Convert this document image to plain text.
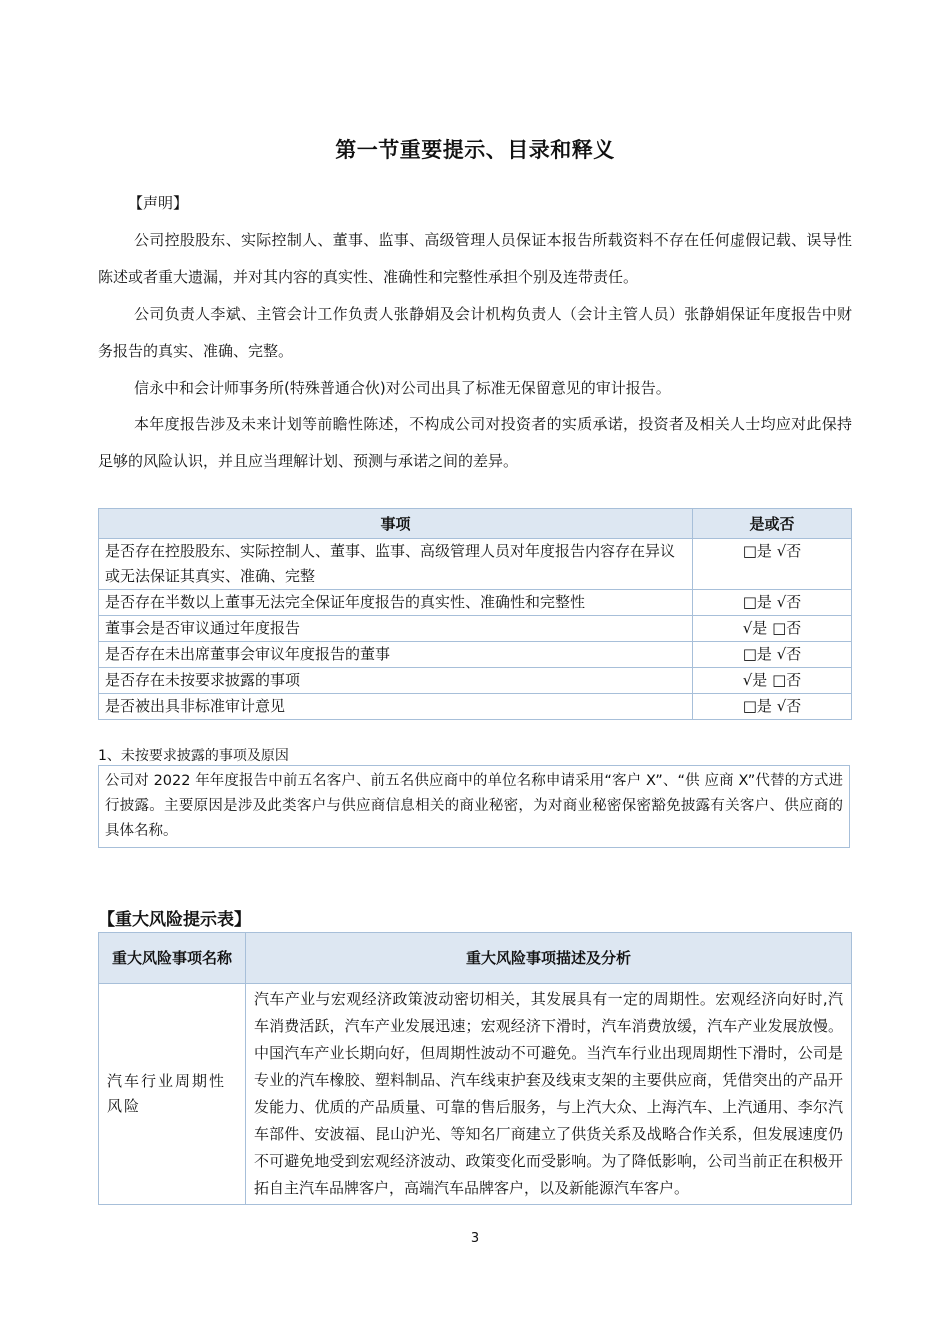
第一节重要提示、目录和释义
【声明】
公司控股股东、实际控制人、董事、监事、高级管理人员保证本报告所载资料不存在任何虚假记载、误导性陈述或者重大遗漏，并对其内容的真实性、准确性和完整性承担个别及连带责任。
公司负责人李斌、主管会计工作负责人张静娟及会计机构负责人（会计主管人员）张静娟保证年度报告中财务报告的真实、准确、完整。
信永中和会计师事务所(特殊普通合伙)对公司出具了标准无保留意见的审计报告。
本年度报告涉及未来计划等前瞻性陈述，不构成公司对投资者的实质承诺，投资者及相关人士均应对此保持足够的风险认识，并且应当理解计划、预测与承诺之间的差异。
事项	是或否
是否存在控股股东、实际控制人、董事、监事、高级管理人员对年度报告内容存在异议或无法保证其真实、准确、完整	□是 √否
是否存在半数以上董事无法完全保证年度报告的真实性、准确性和完整性	□是 √否
董事会是否审议通过年度报告	√是 □否
是否存在未出席董事会审议年度报告的董事	□是 √否
是否存在未按要求披露的事项	√是 □否
是否被出具非标准审计意见	□是 √否
1、未按要求披露的事项及原因
公司对 2022 年年度报告中前五名客户、前五名供应商中的单位名称申请采用“客户 X”、“供 应商 X”代替的方式进行披露。主要原因是涉及此类客户与供应商信息相关的商业秘密，为对商业秘密保密豁免披露有关客户、供应商的具体名称。
【重大风险提示表】
重大风险事项名称	重大风险事项描述及分析
汽车行业周期性风险	汽车产业与宏观经济政策波动密切相关，其发展具有一定的周期性。宏观经济向好时,汽车消费活跃，汽车产业发展迅速；宏观经济下滑时，汽车消费放缓，汽车产业发展放慢。中国汽车产业长期向好，但周期性波动不可避免。当汽车行业出现周期性下滑时，公司是专业的汽车橡胶、塑料制品、汽车线束护套及线束支架的主要供应商，凭借突出的产品开发能力、优质的产品质量、可靠的售后服务，与上汽大众、上海汽车、上汽通用、李尔汽车部件、安波福、昆山沪光、等知名厂商建立了供货关系及战略合作关系，但发展速度仍不可避免地受到宏观经济波动、政策变化而受影响。为了降低影响，公司当前正在积极开拓自主汽车品牌客户，高端汽车品牌客户，以及新能源汽车客户。
3
